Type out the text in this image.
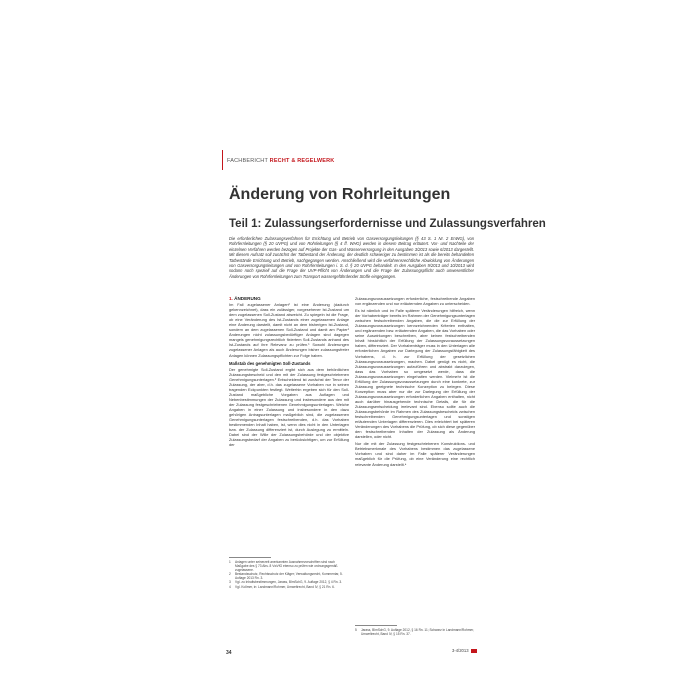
FACHBERICHT RECHT & REGELWERK
Änderung von Rohrleitungen
Teil 1: Zulassungserfordernisse und Zulassungsverfahren
Die erforderlichen Zulassungsverfahren für Errichtung und Betrieb von Gasversorgungsleitungen (§ 43 S. 1 Nr. 2 EnWG), von Rohrfernleitungen (§ 20 UVPG) und von Rohrleitungen (§ 4 ff. WHG) werden in diesem Beitrag erläutert. Vor- und Nachteile der einzelnen Verfahren werden bezogen auf Projekte der Gas- und Wasserversorgung in den Ausgaben 3/2013 sowie 6/2013 dargestellt. Mit diesem Aufsatz soll zunächst der Tatbestand der Änderung, der deutlich schwieriger zu bestimmen ist als die bereits behandelten Tatbestände Errichtung und Betrieb, nachgegangen werden. Anschließend wird die verfahrensrechtliche Abwicklung von Änderungen von Gasversorgungsleitungen und von Rohrfernleitungen i. S. d. § 20 UVPG behandelt. In den Ausgaben 9/2013 und 10/2013 wird sodann noch speziell auf die Frage der UVP-Pflicht von Änderungen und die Frage der Zulassungspflicht auch unwesentlicher Änderungen von Rohrfernleitungen zum Transport wassergefährdender Stoffe eingegangen.
1. ÄNDERUNG

Im Fall zugelassener Anlagen² ist eine Änderung (dadurch gekennzeichnet), dass ein zulässiger, vorgesehener Ist-Zustand um dem zugelassenen Soll-Zustand abweicht. Zu spiegeln ist die Frage, ob eine Veränderung des Ist-Zustands einer zugelassenen Anlage eine Änderung darstellt, damit nicht an dem bisherigen Ist-Zustand, sondern an dem zugelassenen Soll-Zustand und damit am Papier¹ Änderungen nicht zulassungsbedürftiger Anlagen sind dagegen mangels genehmigungsrechtlich fixiertem Soll-Zustands anhand des Ist-Zustands auf ihre Relevanz zu prüfen.¹ Sowohl Änderungen zugelassener Anlagen als auch Änderungen bisher zulassungsfreier Anlagen können Zulassungspflichten zur Folge haben.

Maßstab des genehmigten Soll-Zustands

Der genehmigte Soll-Zustand ergibt sich aus dem behördlichen Zulassungsbescheid und den mit der Zulassung festgeschriebenen Genehmigungsunterlagen.² Entscheidend ist zunächst der Tenor der Zulassung, der aber, d.h. das zugelassene Vorhaben nur in seinen tragenden Eckpunkten festlegt. Weiterhin ergeben sich für den Soll-Zustand maßgebliche Vorgaben aus Auflagen und Nebenbestimmungen der Zulassung und insbesondere aus den mit der Zulassung festgeschriebenen Genehmigungsunterlagen. Welche Angaben in einer Zulassung und insbesondere in den dazu gehörigen Antragsunterlagen maßgeblich sind, die zugelassenen Genehmigungsunterlagen festschreibenden, d.h. das Vorhaben bestimmenden Inhalt haben, ist, wenn dies nicht in den Unterlagen bzw. der Zulassung differenziert ist, durch Auslegung zu ermitteln. Dabei sind der Wille der Zulassungsbehörde und der objektive Zulassungsbedarf der Angaben zu berücksichtigen, um zur Erfüllung der

Zulassungsvoraussetzungen erforderliche, festschreibende Angaben von ergänzenden und nur erläuternden Angaben zu unterscheiden.

Es ist nämlich und im Falle späterer Veränderungen hilfreich, wenn der Vorhabenträger bereits im Rahmen der Genehmigungsunterlagen zwischen festschreibenden Angaben, die die zur Erfüllung der Zulassungsvoraussetzungen kennzeichnenden Kriterien enthalten, und ergänzenden bzw. erläuternden Angaben, die das Vorhaben oder seine Auswirkungen beschreiben, aber keinen festschreibenden Inhalt hinsichtlich der Erfüllung der Zulassungsvoraussetzungen haben, differenziert. Der Vorhabenträger muss in den Unterlagen alle erforderlichen Angaben zur Darlegung der Zulassungsfähigkeit des Vorhabens, d. h. zur Erfüllung der gesetzlichen Zulassungsvoraussetzungen, machen. Dabei genügt es nicht, die Zulassungsvoraussetzungen aufzuführen und abstrakt darzulegen, dass das Vorhaben so umgesetzt werde, dass die Zulassungsvoraussetzungen eingehalten werden. Vielmehr ist die Erfüllung der Zulassungsvoraussetzungen durch eine konkrete, zur Zulassung geeignete technische Konzeption zu belegen. Diese Konzeption muss aber nur die zur Darlegung der Erfüllung der Zulassungsvoraussetzungen erforderlichen Angaben enthalten, nicht auch darüber hinausgehende technische Details, die für die Zulassungsentscheidung irrelevant sind. Ebenso sollte auch die Zulassungsbehörde im Rahmen des Zulassungsbescheids zwischen festschreibenden Genehmigungsunterlagen und sonstigen erläuternden Unterlagen differenzieren. Dies erleichtert bei späteren Veränderungen des Vorhabens die Prüfung, ob sich diese gegenüber den festschreibenden Inhalten der Zulassung als Änderung darstellen, oder nicht.

Nur die mit der Zulassung festgeschriebenen Konstruktions- und Betriebsmerkmale des Vorhabens bestimmen das zugelassene Vorhaben und sind daher im Falle späterer Veränderungen maßgeblich für die Prüfung, ob eine Veränderung eine rechtlich relevante Änderung darstellt.⁴

1	Anlagen unter seinerzeit anerkannten Ausnahmevorschriften sind nach Maßgabe des § 73 Abs. 8 VwVfG ebenso zu prüfen wie ordnungsgemäß zugelassene.
2	Bestandsschutz, Rechtsschutz der Kläger; Verwaltungsrecht, Kommentar, 5. Auflage 2013 Rn. 3.
3	Vgl. zu Inhaltsbestimmungen, Jarass, BImSchG, 9. Auflage 2012, § 4 Rn. 3.
4	Vgl. Kollmer, in: Landmann/Rohmer, Umweltrecht, Band IV, § 21 Rn. 6.
5	Jarass, BImSchG, 9. Auflage 2012, § 16 Rn. 11; Schwarz in Landmann/Rohmer, Umweltrecht, Band IV, § 15 Rn. 37.
34	3-4/2013
